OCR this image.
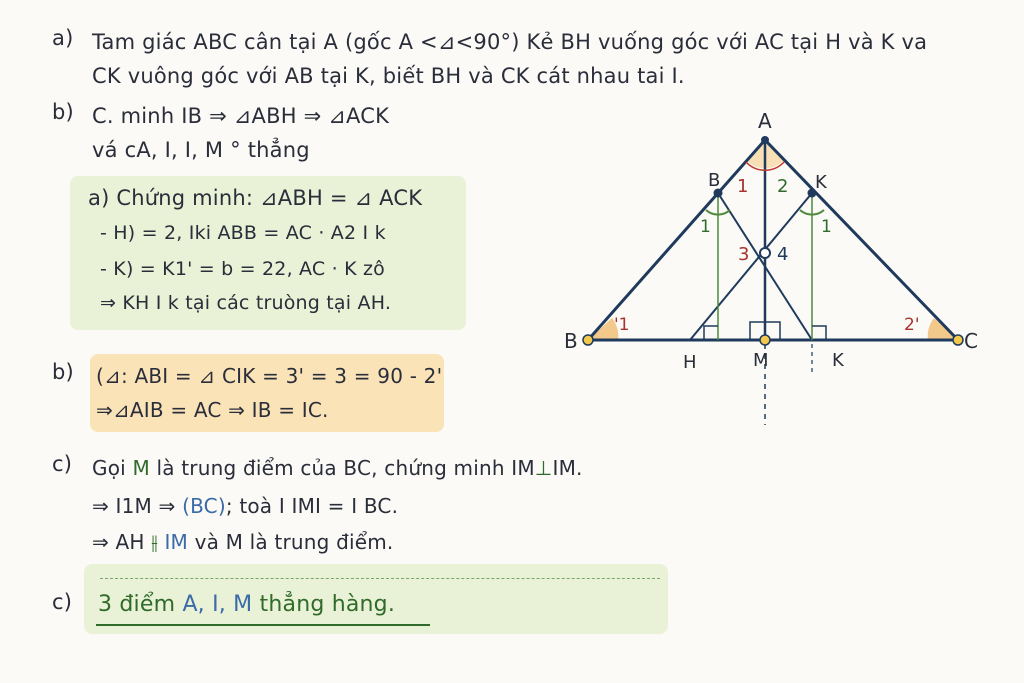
a) Tam giác ABC cân tại A (gốc A <⊿<90°) Kẻ BH vuống góc với AC tại H và K va
CK vuông góc với AB tại K, biết BH và CK cát nhau tai I.
b) C. minh IB ⇒ ⊿ABH ⇒ ⊿ACK
vá cA, I, I, M ° thẳng
a) Chứng minh: ⊿ABH = ⊿ ACK
- H) = 2, Iki ABB = AC · A2 I k
- K) = K1' = b = 22, AC · K zô
⇒ KH I k tại các truòng tại AH.
b) (⊿: ABI = ⊿ CIK = 3' = 3 = 90 - 2'
⇒⊿AIB = AC ⇒ IB = IC.
c) Gọi M là trung điểm của BC, chứng minh IM⊥IM.
⇒ I1M ⇒ (BC); toà I IMI = I BC.
⇒ AH ⫲ IM và M là trung điểm.
c) 3 điểm A, I, M thẳng hàng.
A
B	K
B	C
H	M	K
1 2
3 4
1	1
'1	2'
